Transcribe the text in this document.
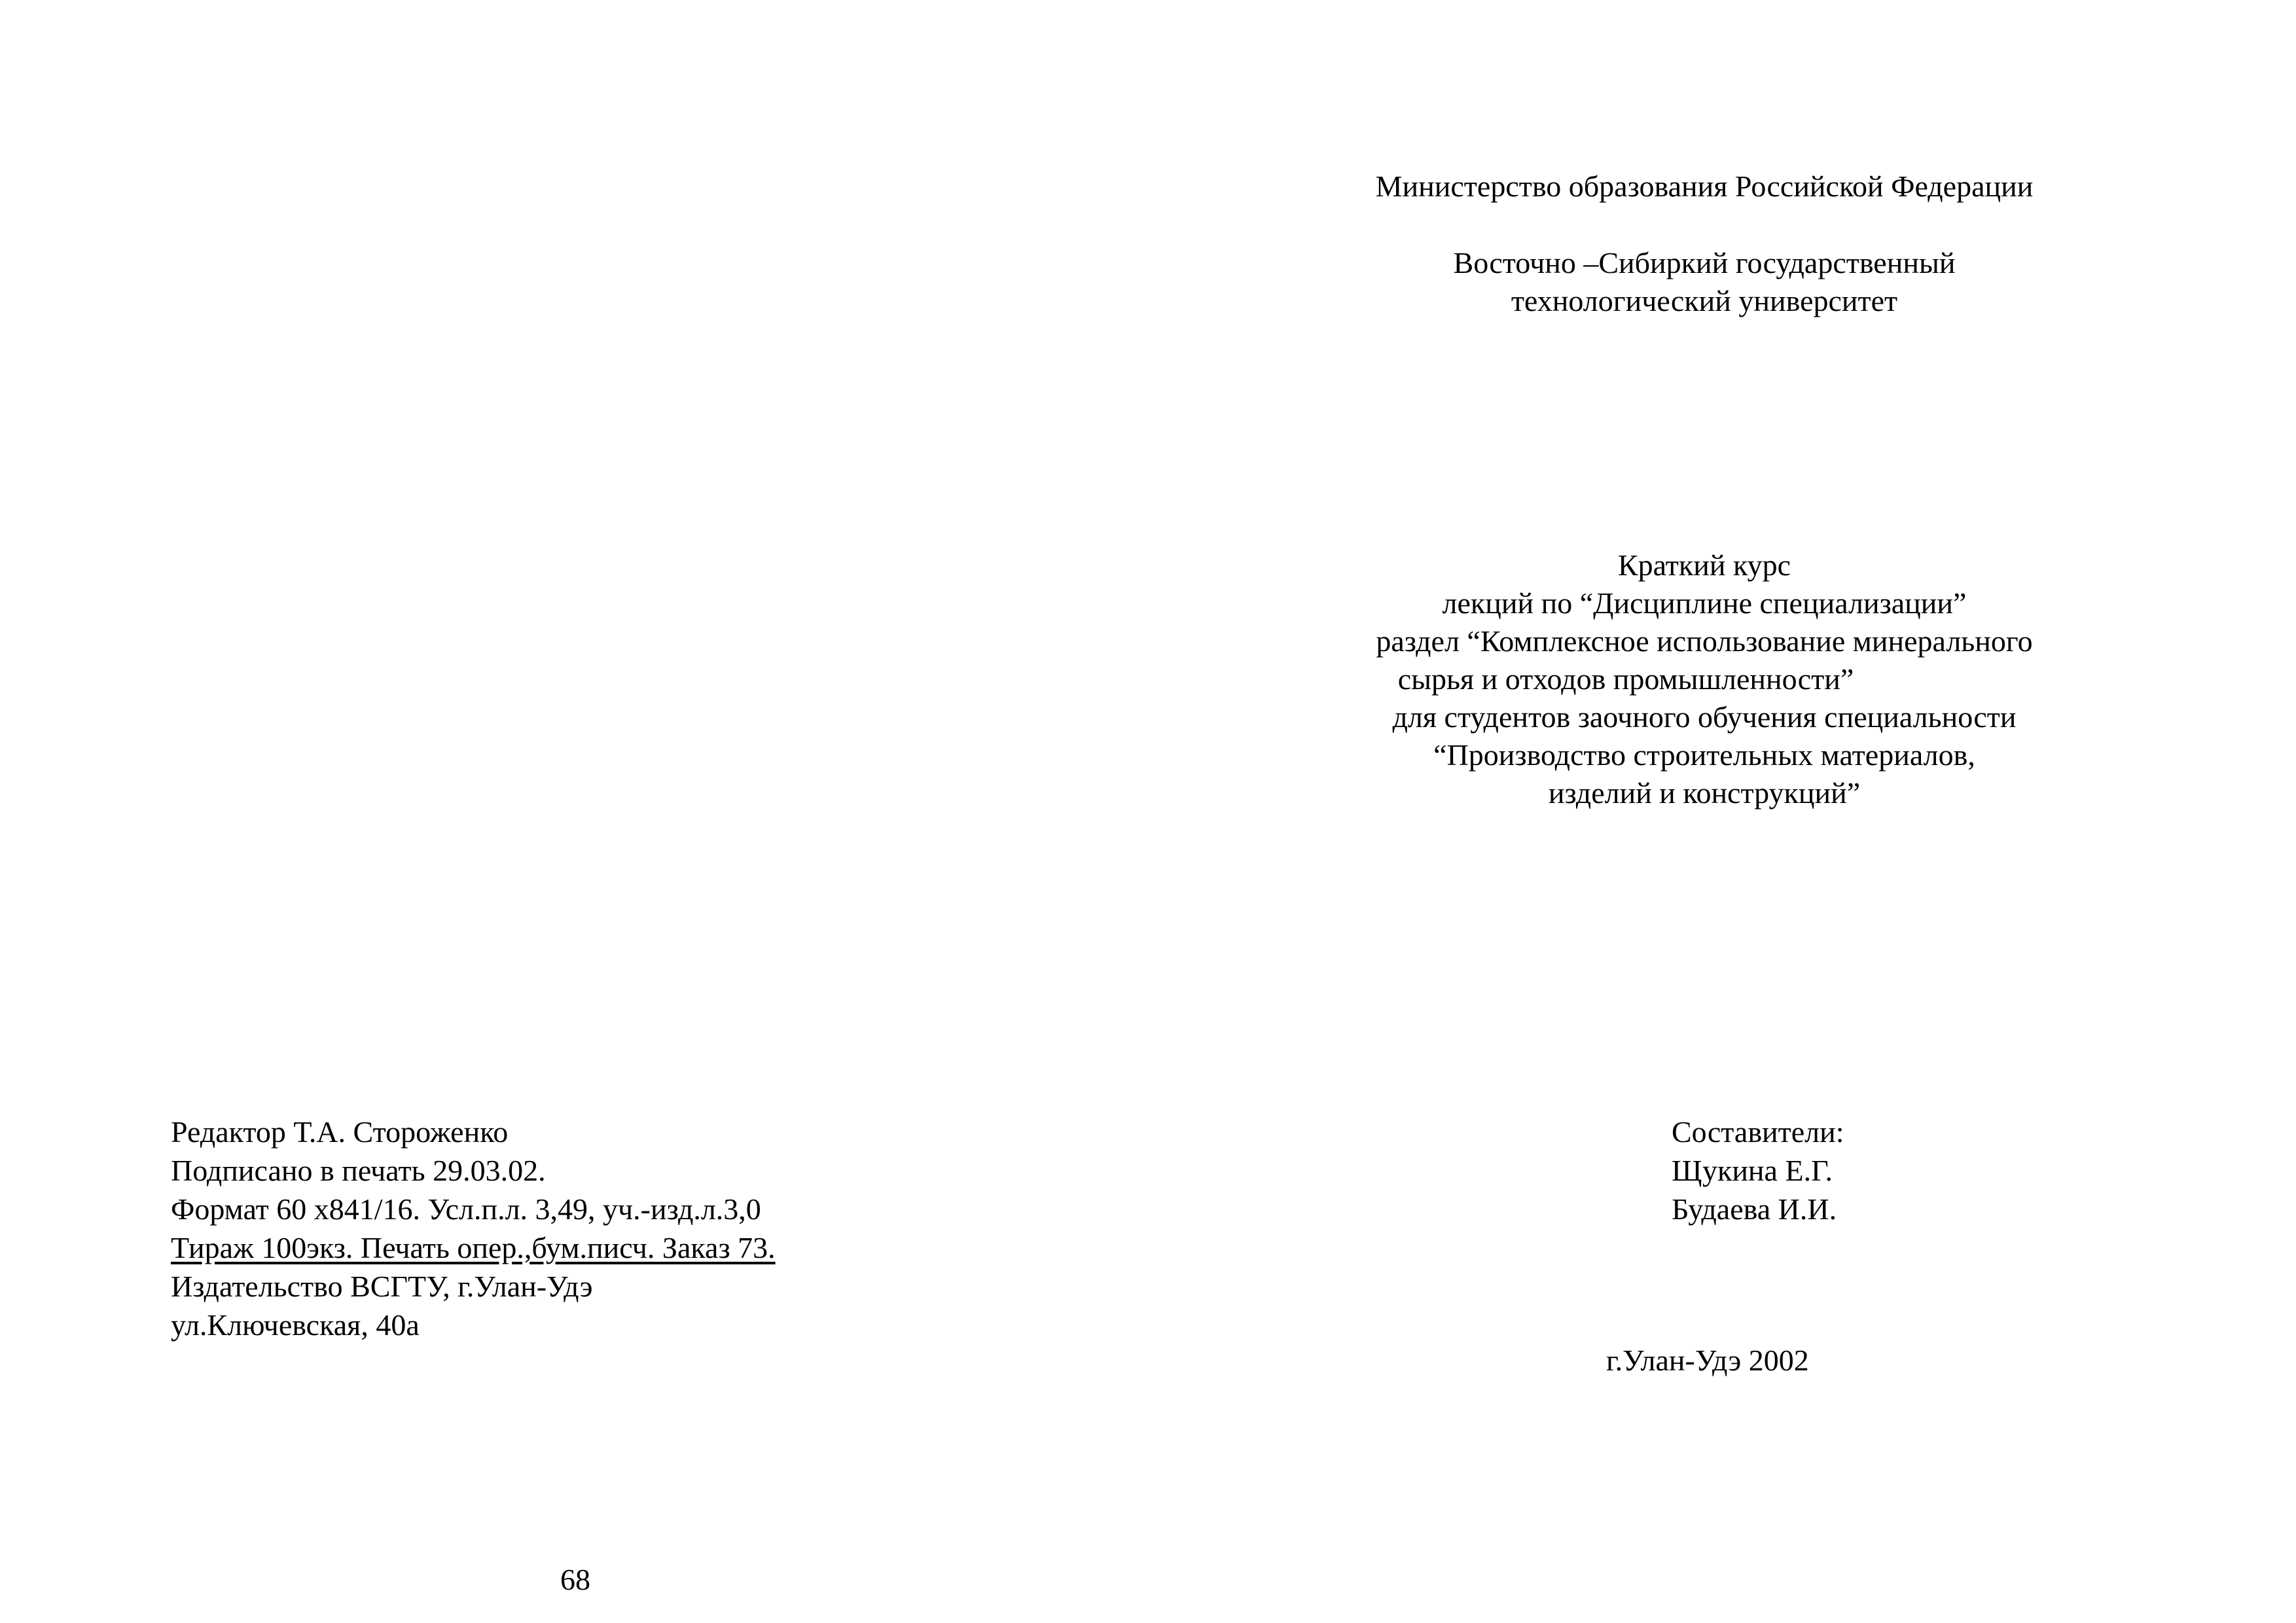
Редактор Т.А. Стороженко
Подписано в печать 29.03.02.
Формат 60 х841/16. Усл.п.л. 3,49, уч.-изд.л.3,0
Тираж 100экз. Печать опер.,бум.писч. Заказ 73.
Издательство ВСГТУ, г.Улан-Удэ
ул.Ключевская, 40а
68
Министерство образования Российской Федерации
Восточно –Сибиркий государственный
технологический университет
Краткий курс
лекций по “Дисциплине специализации”
раздел “Комплексное использование минерального
сырья и отходов промышленности”
для студентов заочного обучения специальности
“Производство строительных материалов,
изделий и конструкций”
Составители:
Щукина Е.Г.
Будаева И.И.
г.Улан-Удэ 2002
